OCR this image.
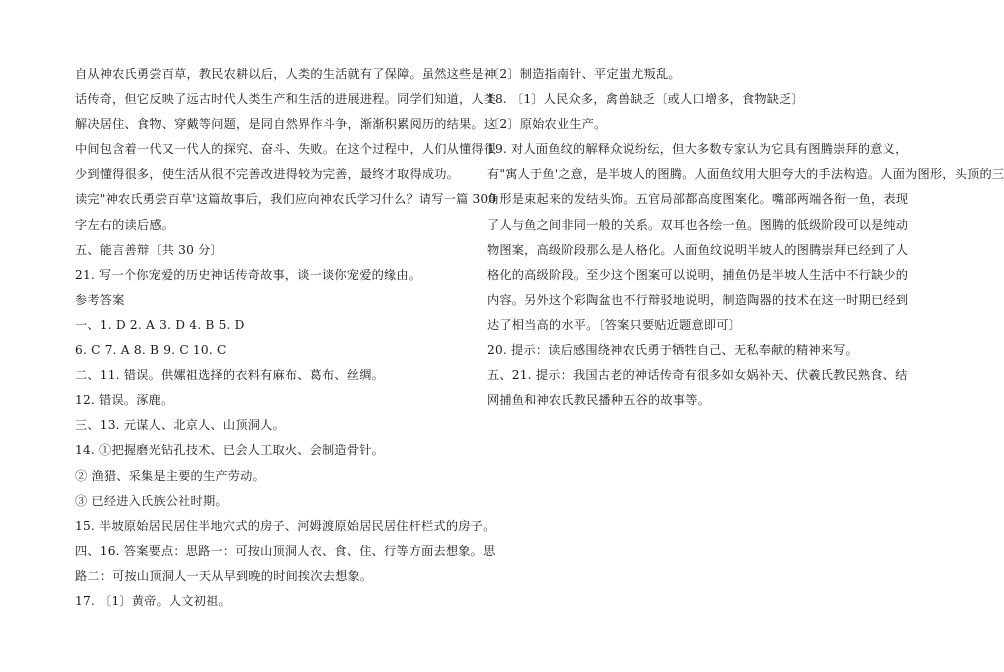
自从神农氏勇尝百草，教民农耕以后，人类的生活就有了保障。虽然这些是神
话传奇，但它反映了远古时代人类生产和生活的进展进程。同学们知道，人类
解决居住、食物、穿戴等问题，是同自然界作斗争，渐渐积累阅历的结果。这
中间包含着一代又一代人的探究、奋斗、失败。在这个过程中，人们从懂得很
少到懂得很多，使生活从很不完善改进得较为完善，最终才取得成功。
读完"神农氏勇尝百草'这篇故事后，我们应向神农氏学习什么？请写一篇 300
字左右的读后感。
五、能言善辩〔共 30 分〕
21. 写一个你宠爱的历史神话传奇故事，谈一谈你宠爱的缘由。
参考答案
一、1. D 2. A 3. D 4. B 5. D
6. C 7. A 8. B 9. C 10. C
二、11. 错误。供嫘祖选择的衣料有麻布、葛布、丝绸。
12. 错误。涿鹿。
三、13. 元谋人、北京人、山顶洞人。
14. ①把握磨光钻孔技术、已会人工取火、会制造骨针。
② 渔猎、采集是主要的生产劳动。
③ 已经进入氏族公社时期。
15. 半坡原始居民居住半地穴式的房子、河姆渡原始居民居住杆栏式的房子。
四、16. 答案要点：思路一：可按山顶洞人衣、食、住、行等方面去想象。思
路二：可按山顶洞人一天从早到晚的时间挨次去想象。
17. 〔1〕黄帝。人文初祖。
〔2〕制造指南针、平定蚩尤叛乱。
18. 〔1〕人民众多，禽兽缺乏〔或人口增多，食物缺乏〕
〔2〕原始农业生产。
19. 对人面鱼纹的解释众说纷纭，但大多数专家认为它具有图腾崇拜的意义，
有"寓人于鱼'之意，是半坡人的图腾。人面鱼纹用大胆夸大的手法构造。人面为图形，头顶的三
角形是束起来的发结头饰。五官局部都高度图案化。嘴部两端各衔一鱼，表现
了人与鱼之间非同一般的关系。双耳也各绘一鱼。图腾的低级阶段可以是纯动
物图案，高级阶段那么是人格化。人面鱼纹说明半坡人的图腾崇拜已经到了人
格化的高级阶段。至少这个图案可以说明，捕鱼仍是半坡人生活中不行缺少的
内容。另外这个彩陶盆也不行辩驳地说明，制造陶器的技术在这一时期已经到
达了相当高的水平。〔答案只要贴近题意即可〕
20. 提示：读后感围绕神农氏勇于牺牲自己、无私奉献的精神来写。
五、21. 提示：我国古老的神话传奇有很多如女娲补天、伏羲氏教民熟食、结
网捕鱼和神农氏教民播种五谷的故事等。
